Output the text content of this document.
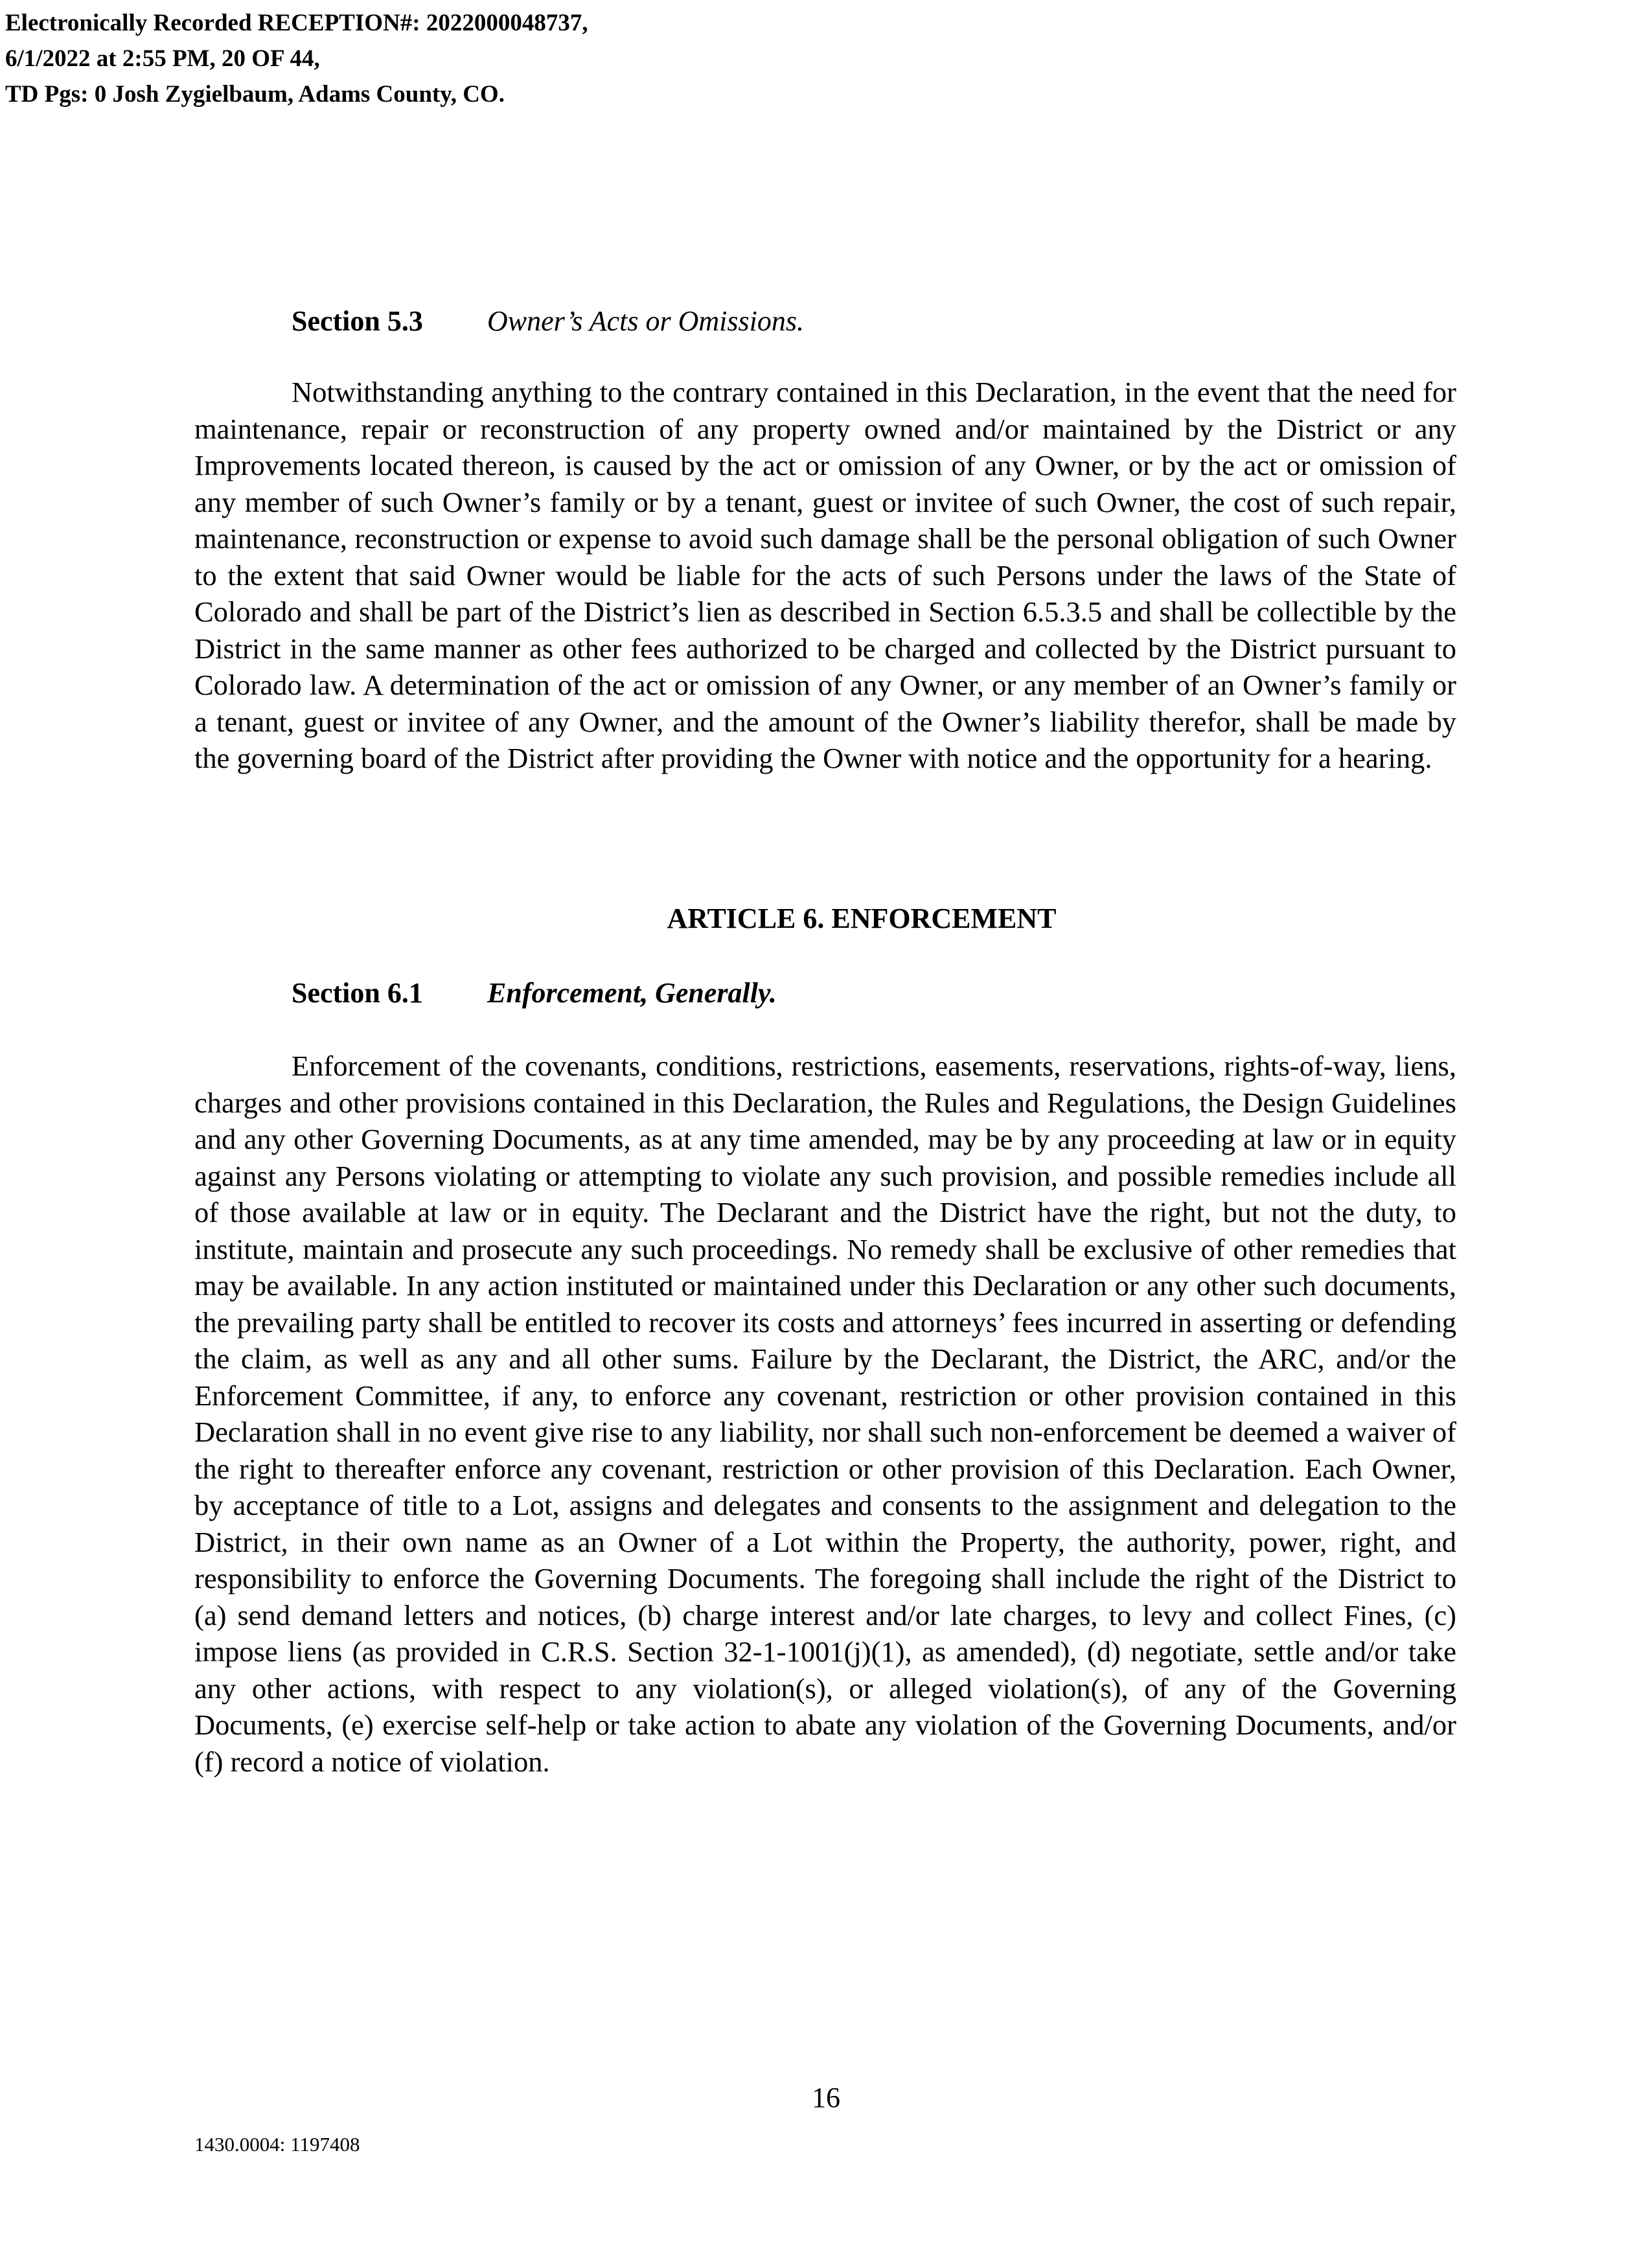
Electronically Recorded RECEPTION#: 2022000048737,
6/1/2022 at 2:55 PM, 20 OF 44,
TD Pgs: 0 Josh Zygielbaum, Adams County, CO.
Section 5.3 Owner’s Acts or Omissions.

Notwithstanding anything to the contrary contained in this Declaration, in the event that the need for maintenance, repair or reconstruction of any property owned and/or maintained by the District or any Improvements located thereon, is caused by the act or omission of any Owner, or by the act or omission of any member of such Owner’s family or by a tenant, guest or invitee of such Owner, the cost of such repair, maintenance, reconstruction or expense to avoid such damage shall be the personal obligation of such Owner to the extent that said Owner would be liable for the acts of such Persons under the laws of the State of Colorado and shall be part of the District’s lien as described in Section 6.5.3.5 and shall be collectible by the District in the same manner as other fees authorized to be charged and collected by the District pursuant to Colorado law. A determination of the act or omission of any Owner, or any member of an Owner’s family or a tenant, guest or invitee of any Owner, and the amount of the Owner’s liability therefor, shall be made by the governing board of the District after providing the Owner with notice and the opportunity for a hearing.

ARTICLE 6. ENFORCEMENT
Section 6.1 Enforcement, Generally.

Enforcement of the covenants, conditions, restrictions, easements, reservations, rights-of-way, liens, charges and other provisions contained in this Declaration, the Rules and Regulations, the Design Guidelines and any other Governing Documents, as at any time amended, may be by any proceeding at law or in equity against any Persons violating or attempting to violate any such provision, and possible remedies include all of those available at law or in equity. The Declarant and the District have the right, but not the duty, to institute, maintain and prosecute any such proceedings. No remedy shall be exclusive of other remedies that may be available. In any action instituted or maintained under this Declaration or any other such documents, the prevailing party shall be entitled to recover its costs and attorneys’ fees incurred in asserting or defending the claim, as well as any and all other sums. Failure by the Declarant, the District, the ARC, and/or the Enforcement Committee, if any, to enforce any covenant, restriction or other provision contained in this Declaration shall in no event give rise to any liability, nor shall such non-enforcement be deemed a waiver of the right to thereafter enforce any covenant, restriction or other provision of this Declaration. Each Owner, by acceptance of title to a Lot, assigns and delegates and consents to the assignment and delegation to the District, in their own name as an Owner of a Lot within the Property, the authority, power, right, and responsibility to enforce the Governing Documents. The foregoing shall include the right of the District to (a) send demand letters and notices, (b) charge interest and/or late charges, to levy and collect Fines, (c) impose liens (as provided in C.R.S. Section 32-1-1001(j)(1), as amended), (d) negotiate, settle and/or take any other actions, with respect to any violation(s), or alleged violation(s), of any of the Governing Documents, (e) exercise self-help or take action to abate any violation of the Governing Documents, and/or (f) record a notice of violation.

16
1430.0004: 1197408
